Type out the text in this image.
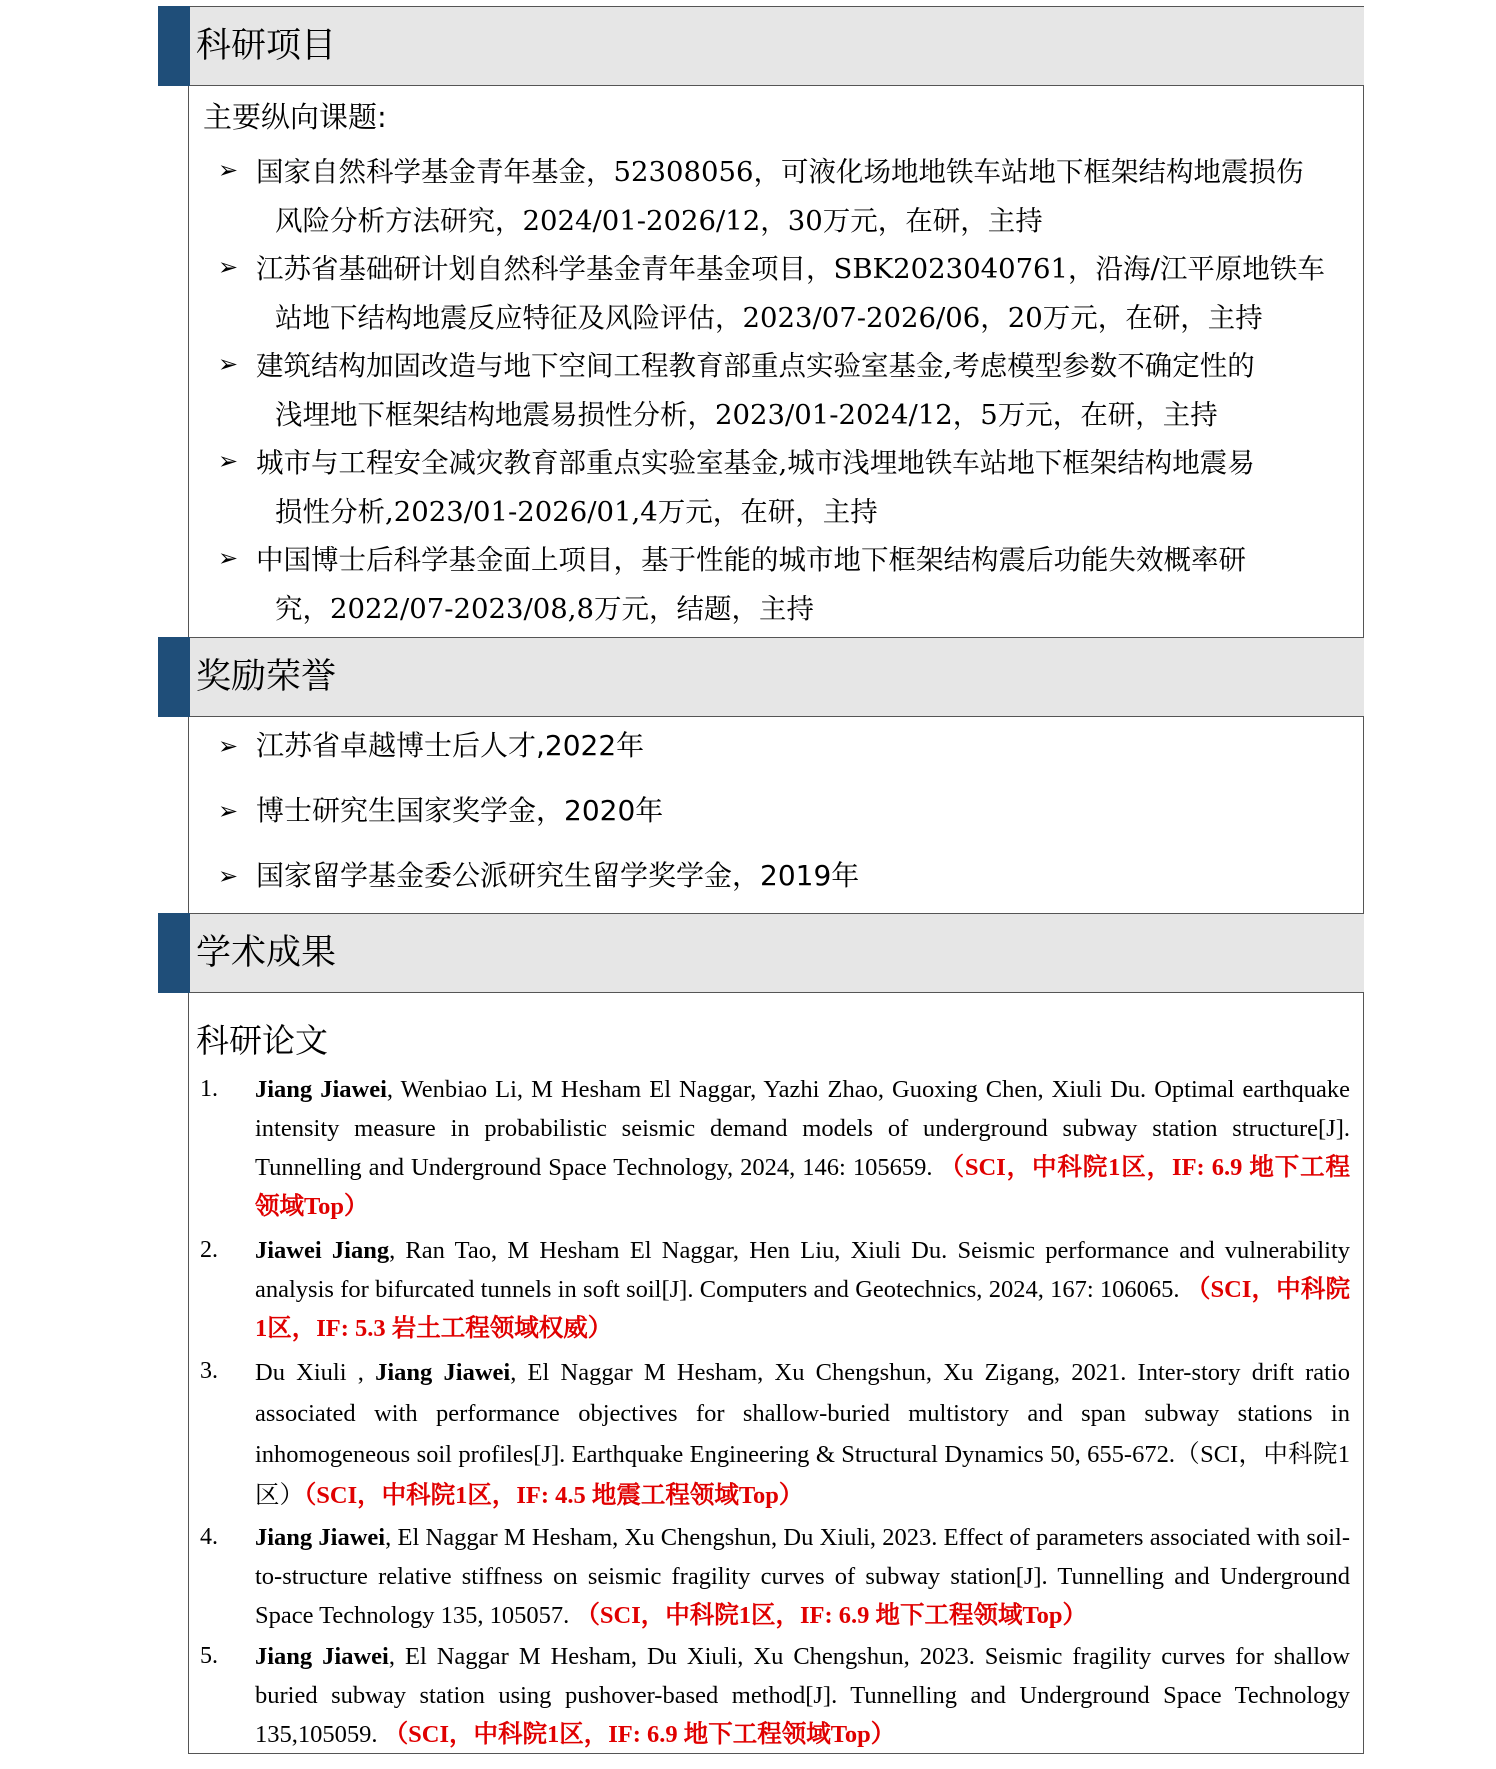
科研项目
主要纵向课题:
➢ 国家自然科学基金青年基金，52308056，可液化场地地铁车站地下框架结构地震损伤
风险分析方法研究，2024/01-2026/12，30万元，在研，主持
➢ 江苏省基础研计划自然科学基金青年基金项目，SBK2023040761，沿海/江平原地铁车
站地下结构地震反应特征及风险评估，2023/07-2026/06，20万元，在研，主持
➢ 建筑结构加固改造与地下空间工程教育部重点实验室基金,考虑模型参数不确定性的
浅埋地下框架结构地震易损性分析，2023/01-2024/12，5万元，在研，主持
➢ 城市与工程安全减灾教育部重点实验室基金,城市浅埋地铁车站地下框架结构地震易
损性分析,2023/01-2026/01,4万元，在研，主持
➢ 中国博士后科学基金面上项目，基于性能的城市地下框架结构震后功能失效概率研
究，2022/07-2023/08,8万元，结题，主持
奖励荣誉
➢ 江苏省卓越博士后人才,2022年
➢ 博士研究生国家奖学金，2020年
➢ 国家留学基金委公派研究生留学奖学金，2019年
学术成果
科研论文
1. Jiang Jiawei, Wenbiao Li, M Hesham El Naggar, Yazhi Zhao, Guoxing Chen, Xiuli Du. Optimal earthquake intensity measure in probabilistic seismic demand models of underground subway station structure[J]. Tunnelling and Underground Space Technology, 2024, 146: 105659. （SCI，中科院1区，IF: 6.9 地下工程领域Top）
2. Jiawei Jiang, Ran Tao, M Hesham El Naggar, Hen Liu, Xiuli Du. Seismic performance and vulnerability analysis for bifurcated tunnels in soft soil[J]. Computers and Geotechnics, 2024, 167: 106065. （SCI，中科院1区，IF: 5.3 岩土工程领域权威）
3. Du Xiuli , Jiang Jiawei, El Naggar M Hesham, Xu Chengshun, Xu Zigang, 2021. Inter-story drift ratio associated with performance objectives for shallow‐buried multistory and span subway stations in inhomogeneous soil profiles[J]. Earthquake Engineering & Structural Dynamics 50, 655-672.（SCI，中科院1区）（SCI，中科院1区，IF: 4.5 地震工程领域Top）
4. Jiang Jiawei, El Naggar M Hesham, Xu Chengshun, Du Xiuli, 2023. Effect of parameters associated with soil-to-structure relative stiffness on seismic fragility curves of subway station[J]. Tunnelling and Underground Space Technology 135, 105057. （SCI，中科院1区，IF: 6.9 地下工程领域Top）
5. Jiang Jiawei, El Naggar M Hesham, Du Xiuli, Xu Chengshun, 2023. Seismic fragility curves for shallow buried subway station using pushover-based method[J]. Tunnelling and Underground Space Technology 135,105059. （SCI，中科院1区，IF: 6.9 地下工程领域Top）
